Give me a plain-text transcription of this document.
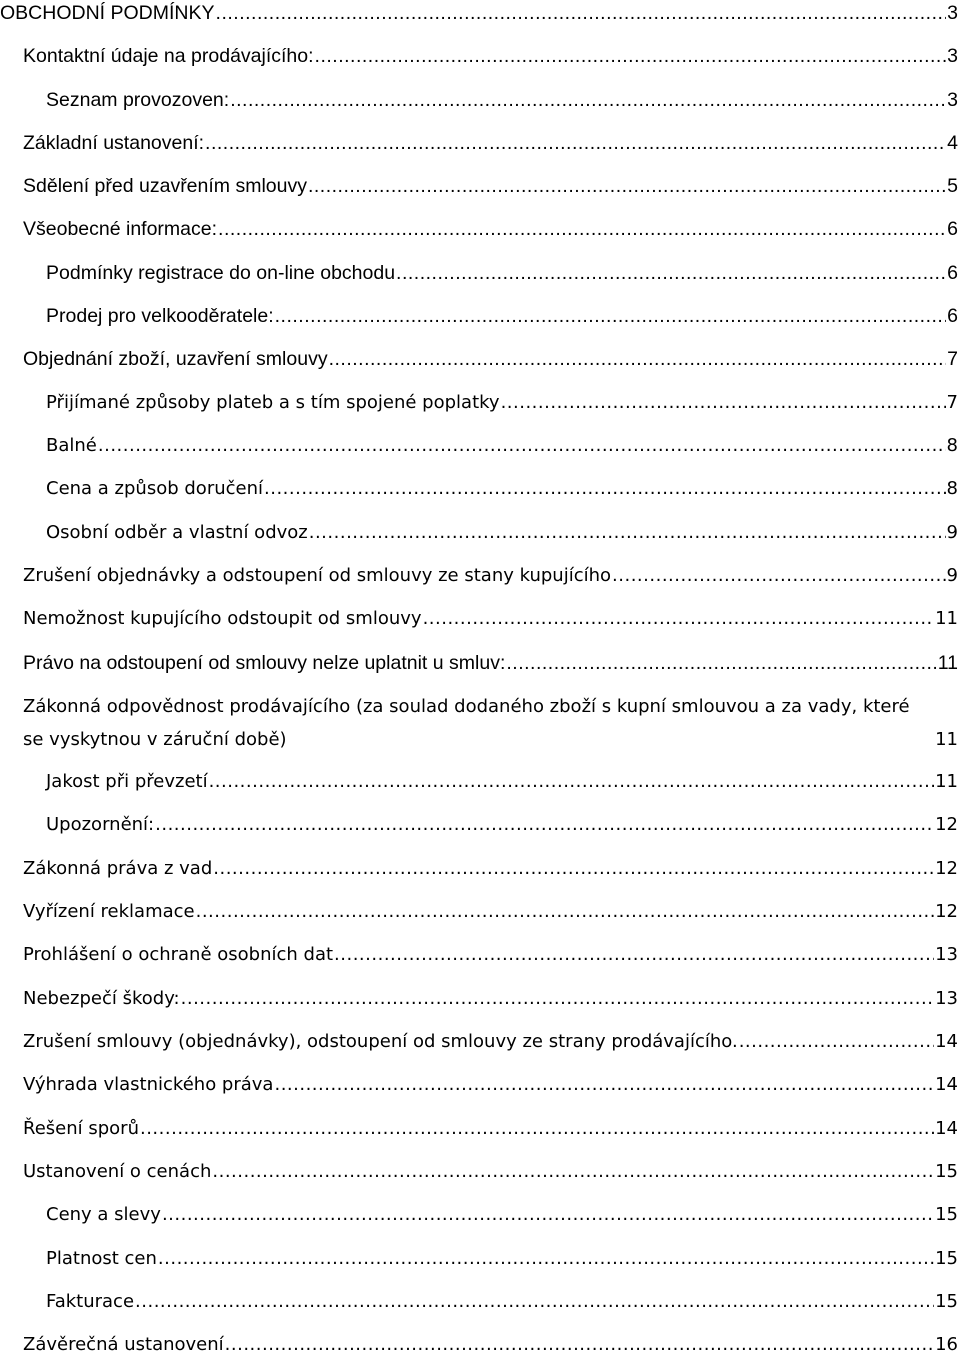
OBCHODNÍ PODMÍNKY .....	3
Kontaktní údaje na prodávajícího: .....	3
Seznam provozoven: .....	3
Základní ustanovení: .....	4
Sdělení před uzavřením smlouvy .....	5
Všeobecné informace: .....	6
Podmínky registrace do on-line obchodu .....	6
Prodej pro velkooděratele: .....	6
Objednání zboží, uzavření smlouvy .....	7
Přijímané způsoby plateb a s tím spojené poplatky .....	7
Balné .....	8
Cena a způsob doručení .....	8
Osobní odběr a vlastní odvoz .....	9
Zrušení objednávky a odstoupení od smlouvy ze stany kupujícího .....	9
Nemožnost kupujícího odstoupit od smlouvy .....	11
Právo na odstoupení od smlouvy nelze uplatnit u smluv: .....	11
Zákonná odpovědnost prodávajícího (za soulad dodaného zboží s kupní smlouvou a za vady, které
se vyskytnou v záruční době)	11
Jakost při převzetí .....	11
Upozornění: .....	12
Zákonná práva z vad .....	12
Vyřízení reklamace .....	12
Prohlášení o ochraně osobních dat .....	13
Nebezpečí škody: .....	13
Zrušení smlouvy (objednávky), odstoupení od smlouvy ze strany prodávajícího. .....	14
Výhrada vlastnického práva .....	14
Řešení sporů .....	14
Ustanovení o cenách .....	15
Ceny a slevy .....	15
Platnost cen .....	15
Fakturace .....	15
Závěrečná ustanovení .....	16
